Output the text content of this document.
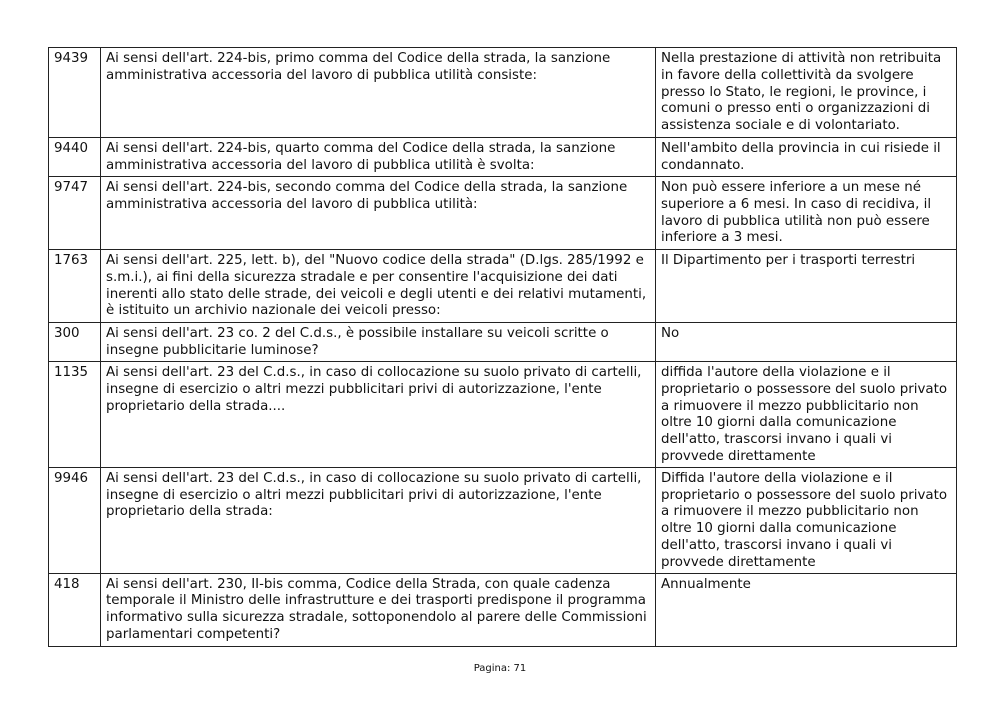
9439	Ai sensi dell'art. 224-bis, primo comma del Codice della strada, la sanzione amministrativa accessoria del lavoro di pubblica utilità consiste:	Nella prestazione di attività non retribuita in favore della collettività da svolgere presso lo Stato, le regioni, le province, i comuni o presso enti o organizzazioni di assistenza sociale e di volontariato.
9440	Ai sensi dell'art. 224-bis, quarto comma del Codice della strada, la sanzione amministrativa accessoria del lavoro di pubblica utilità è svolta:	Nell'ambito della provincia in cui risiede il condannato.
9747	Ai sensi dell'art. 224-bis, secondo comma del Codice della strada, la sanzione amministrativa accessoria del lavoro di pubblica utilità:	Non può essere inferiore a un mese né superiore a 6 mesi. In caso di recidiva, il lavoro di pubblica utilità non può essere inferiore a 3 mesi.
1763	Ai sensi dell'art. 225, lett. b), del "Nuovo codice della strada" (D.lgs. 285/1992 e s.m.i.), ai fini della sicurezza stradale e per consentire l'acquisizione dei dati inerenti allo stato delle strade, dei veicoli e degli utenti e dei relativi mutamenti, è istituito un archivio nazionale dei veicoli presso:	Il Dipartimento per i trasporti terrestri
300	Ai sensi dell'art. 23 co. 2 del C.d.s., è possibile installare su veicoli scritte o insegne pubblicitarie luminose?	No
1135	Ai sensi dell'art. 23 del C.d.s., in caso di collocazione su suolo privato di cartelli, insegne di esercizio o altri mezzi pubblicitari privi di autorizzazione, l'ente proprietario della strada....	diffida l'autore della violazione e il proprietario o possessore del suolo privato a rimuovere il mezzo pubblicitario non oltre 10 giorni dalla comunicazione dell'atto, trascorsi invano i quali vi provvede direttamente
9946	Ai sensi dell'art. 23 del C.d.s., in caso di collocazione su suolo privato di cartelli, insegne di esercizio o altri mezzi pubblicitari privi di autorizzazione, l'ente proprietario della strada:	Diffida l'autore della violazione e il proprietario o possessore del suolo privato a rimuovere il mezzo pubblicitario non oltre 10 giorni dalla comunicazione dell'atto, trascorsi invano i quali vi provvede direttamente
418	Ai sensi dell'art. 230, II-bis comma, Codice della Strada, con quale cadenza temporale il Ministro delle infrastrutture e dei trasporti predispone il programma informativo sulla sicurezza stradale, sottoponendolo al parere delle Commissioni parlamentari competenti?	Annualmente
Pagina: 71
